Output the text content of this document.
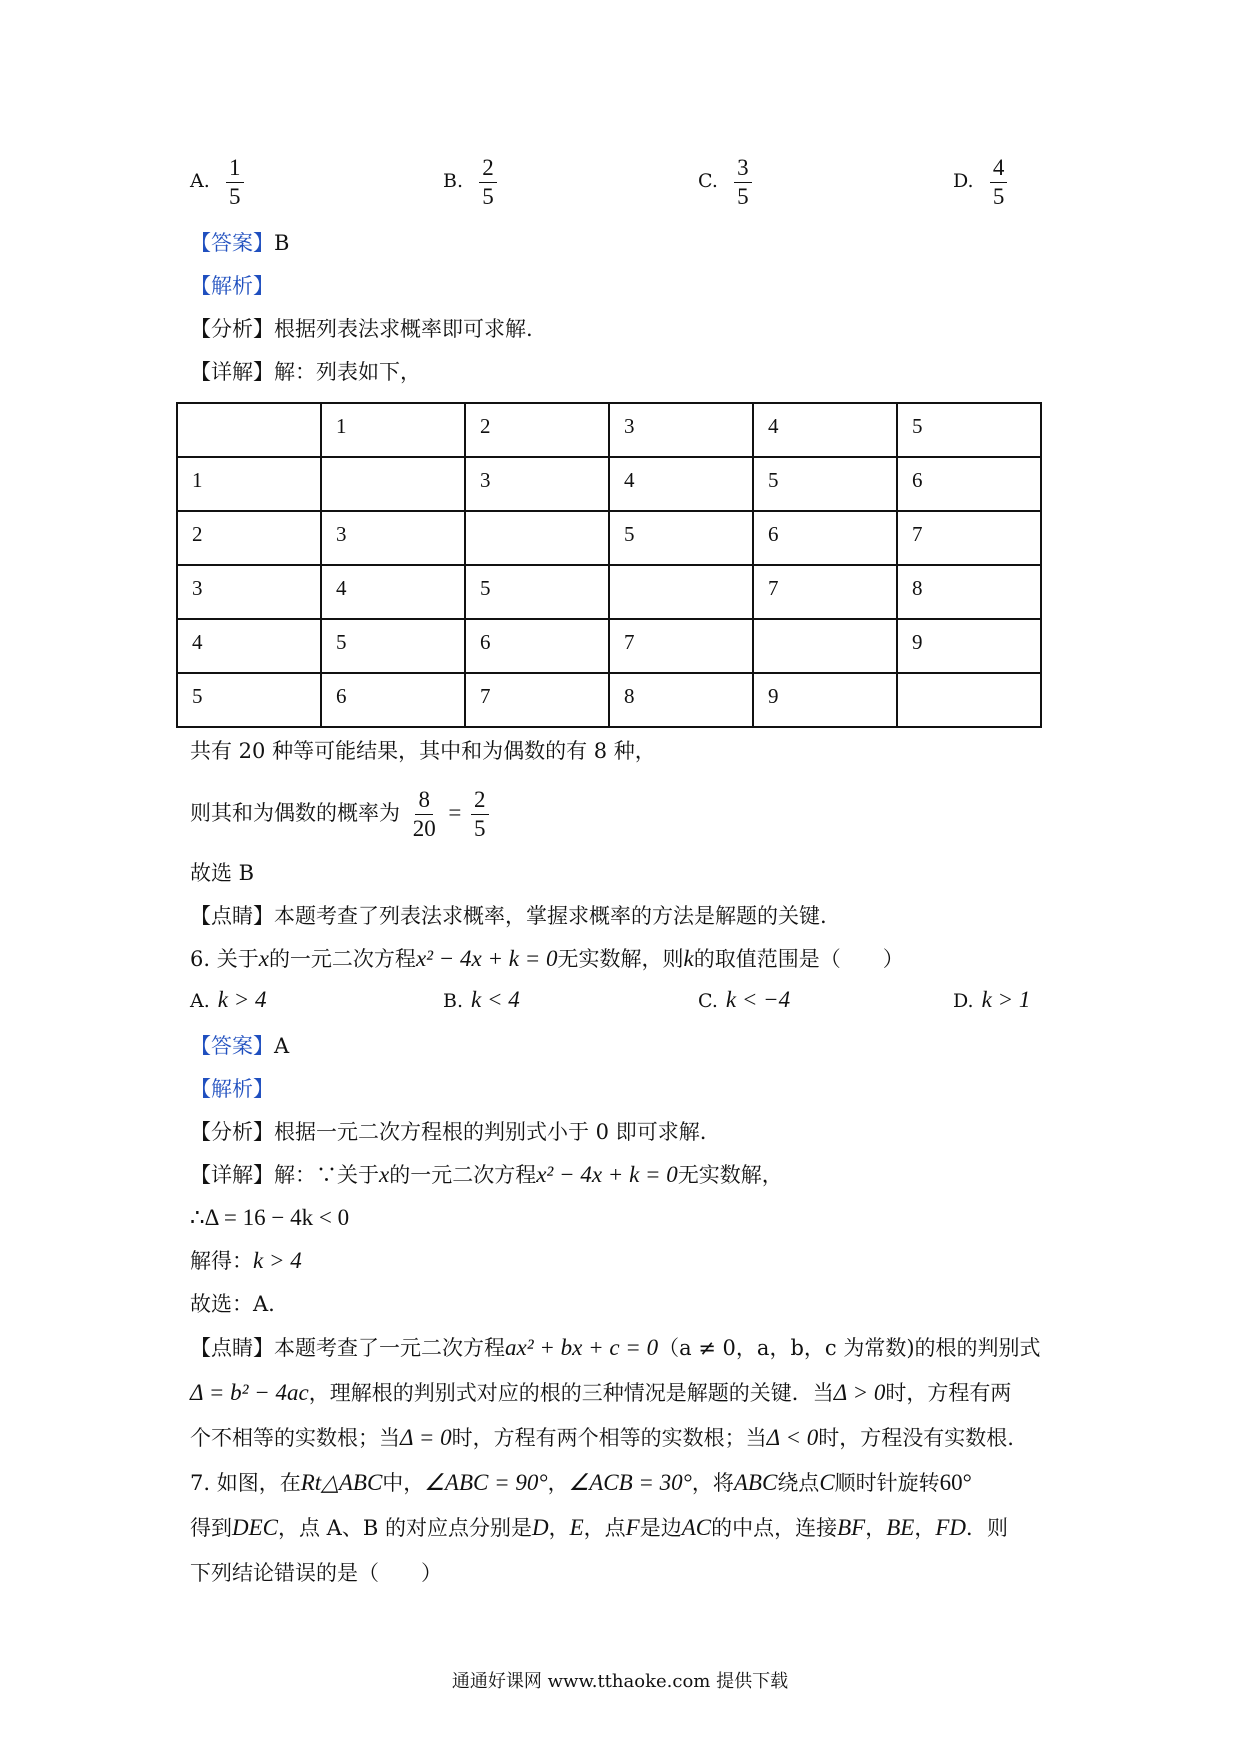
A. $\frac{1}{5}$	B. $\frac{2}{5}$	C. $\frac{3}{5}$	D. $\frac{4}{5}$
【答案】B
【解析】
【分析】根据列表法求概率即可求解.
【详解】解：列表如下，
	1	2	3	4	5
1		3	4	5	6
2	3		5	6	7
3	4	5		7	8
4	5	6	7		9
5	6	7	8	9	
共有 20 种等可能结果，其中和为偶数的有 8 种，
则其和为偶数的概率为 $\frac{8}{20} = \frac{2}{5}$
故选 B
【点睛】本题考查了列表法求概率，掌握求概率的方法是解题的关键.
6. 关于x的一元二次方程x² − 4x + k = 0无实数解，则k的取值范围是（　　）
A. k > 4	B. k < 4	C. k < −4	D. k > 1
【答案】A
【解析】
【分析】根据一元二次方程根的判别式小于 0 即可求解.
【详解】解：∵关于x的一元二次方程x² − 4x + k = 0无实数解，
∴Δ = 16 − 4k < 0
解得：k > 4
故选：A.
【点睛】本题考查了一元二次方程ax² + bx + c = 0（a ≠ 0，a，b，c 为常数)的根的判别式
Δ = b² − 4ac，理解根的判别式对应的根的三种情况是解题的关键．当Δ > 0时，方程有两
个不相等的实数根；当Δ = 0时，方程有两个相等的实数根；当Δ < 0时，方程没有实数根.
7. 如图，在Rt△ABC中，∠ABC = 90°，∠ACB = 30°，将ABC绕点C顺时针旋转60°
得到DEC，点 A、B 的对应点分别是D，E，点F是边AC的中点，连接BF，BE，FD．则
下列结论错误的是（　　）
通通好课网 www.tthaoke.com 提供下载
